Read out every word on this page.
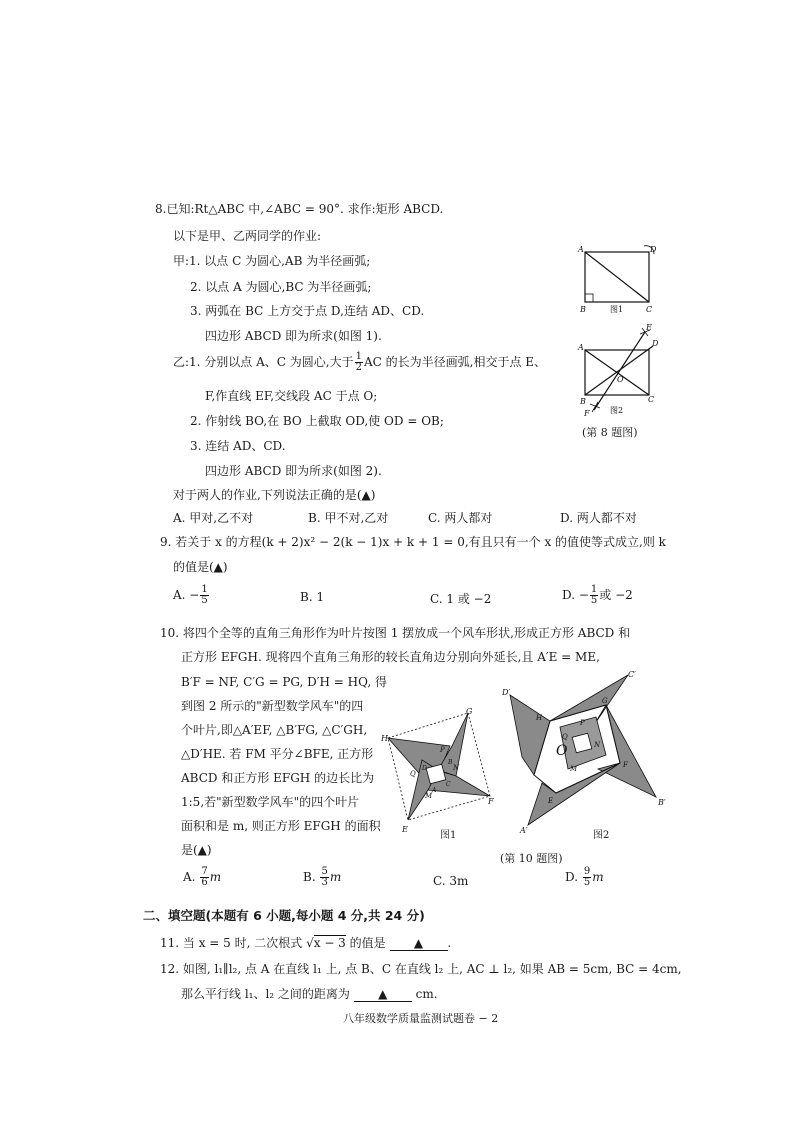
8.已知:Rt△ABC 中,∠ABC = 90°. 求作:矩形 ABCD.
以下是甲、乙两同学的作业:
甲:1. 以点 C 为圆心,AB 为半径画弧;
2. 以点 A 为圆心,BC 为半径画弧;
3. 两弧在 BC 上方交于点 D,连结 AD、CD.
四边形 ABCD 即为所求(如图 1).
乙:1. 分别以点 A、C 为圆心,大于 $\frac{1}{2}$ AC 的长为半径画弧,相交于点 E、
F,作直线 EF,交线段 AC 于点 O;
2. 作射线 BO,在 BO 上截取 OD,使 OD = OB;
3. 连结 AD、CD.
四边形 ABCD 即为所求(如图 2).
对于两人的作业,下列说法正确的是(▲)
A. 甲对,乙不对	B. 甲不对,乙对	C. 两人都对	D. 两人都不对
A	D
B	C
图1
A	D
E
O
B
F
C
图2
(第 8 题图)
9. 若关于 x 的方程(k + 2)x² − 2(k − 1)x + k + 1 = 0,有且只有一个 x 的值使等式成立,则 k
的值是(▲)
A. − $\frac{1}{5}$	B. 1	C. 1 或 −2	D. − $\frac{1}{5}$ 或 −2
10. 将四个全等的直角三角形作为叶片按图 1 摆放成一个风车形状,形成正方形 ABCD 和
正方形 EFGH. 现将四个直角三角形的较长直角边分别向外延长,且 A′E = ME,
B′F = NF, C′G = PG, D′H = HQ, 得
到图 2 所示的"新型数学风车"的四
个叶片,即△A′EF, △B′FG, △C′GH,
△D′HE. 若 FM 平分∠BFE, 正方形
ABCD 和正方形 EFGH 的边长比为
1:5,若"新型数学风车"的四个叶片
面积和是 m, 则正方形 EFGH 的面积
是(▲)
H
G
F
E
P
Q
M
N
B
D
A
C
图1
D′
C′
B′
A′
H
G
F
E
O	N
M
P
Q
图2
(第 10 题图)
A. $\frac{7}{6}$ m	B. $\frac{5}{3}$ m	C. 3m	D. $\frac{9}{5}$ m
二、填空题(本题有 6 小题,每小题 4 分,共 24 分)
11. 当 x = 5 时, 二次根式 √x − 3 的值是 ▲ .
12. 如图, l₁∥l₂, 点 A 在直线 l₁ 上, 点 B、C 在直线 l₂ 上, AC ⊥ l₂, 如果 AB = 5cm, BC = 4cm,
那么平行线 l₁、l₂ 之间的距离为 ▲ cm.
八年级数学质量监测试题卷 − 2
